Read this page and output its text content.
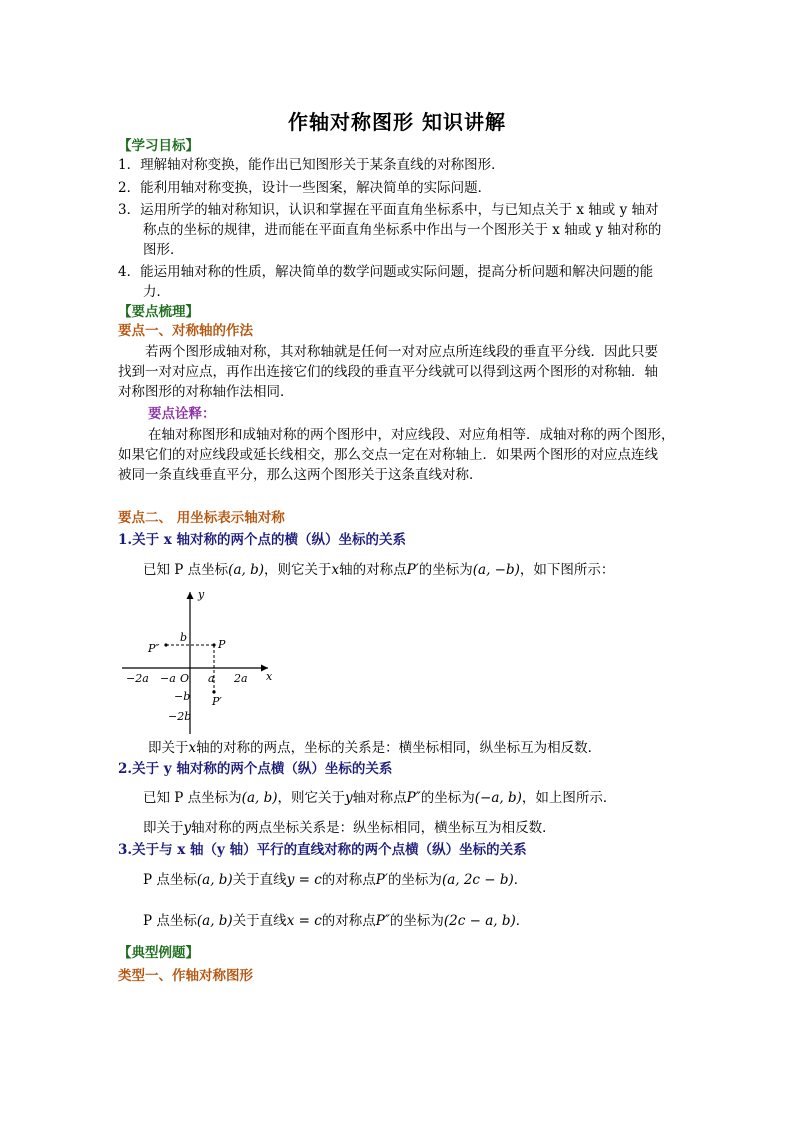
作轴对称图形 知识讲解
【学习目标】
1．理解轴对称变换，能作出已知图形关于某条直线的对称图形．
2．能利用轴对称变换，设计一些图案，解决简单的实际问题．
3．运用所学的轴对称知识，认识和掌握在平面直角坐标系中，与已知点关于 x 轴或 y 轴对
称点的坐标的规律，进而能在平面直角坐标系中作出与一个图形关于 x 轴或 y 轴对称的
图形．
4．能运用轴对称的性质，解决简单的数学问题或实际问题，提高分析问题和解决问题的能
力．
【要点梳理】
要点一、对称轴的作法
若两个图形成轴对称，其对称轴就是任何一对对应点所连线段的垂直平分线．因此只要
找到一对对应点，再作出连接它们的线段的垂直平分线就可以得到这两个图形的对称轴．轴
对称图形的对称轴作法相同．
要点诠释：
在轴对称图形和成轴对称的两个图形中，对应线段、对应角相等．成轴对称的两个图形，
如果它们的对应线段或延长线相交，那么交点一定在对称轴上．如果两个图形的对应点连线
被同一条直线垂直平分，那么这两个图形关于这条直线对称．
要点二、 用坐标表示轴对称
1.关于 x 轴对称的两个点的横（纵）坐标的关系
已知 P 点坐标(a, b)，则它关于x轴的对称点P′的坐标为(a, −b)，如下图所示：
y
x
b
P″	P
−2a −a O a 2a
−b
−2b
P′
即关于x轴的对称的两点，坐标的关系是：横坐标相同，纵坐标互为相反数．
2.关于 y 轴对称的两个点横（纵）坐标的关系
已知 P 点坐标为(a, b)，则它关于y轴对称点P″的坐标为(−a, b)，如上图所示．
即关于y轴对称的两点坐标关系是：纵坐标相同，横坐标互为相反数．
3.关于与 x 轴（y 轴）平行的直线对称的两个点横（纵）坐标的关系
P 点坐标(a, b)关于直线y = c的对称点P′的坐标为(a, 2c − b)．
P 点坐标(a, b)关于直线x = c的对称点P″的坐标为(2c − a, b)．
【典型例题】
类型一、作轴对称图形
